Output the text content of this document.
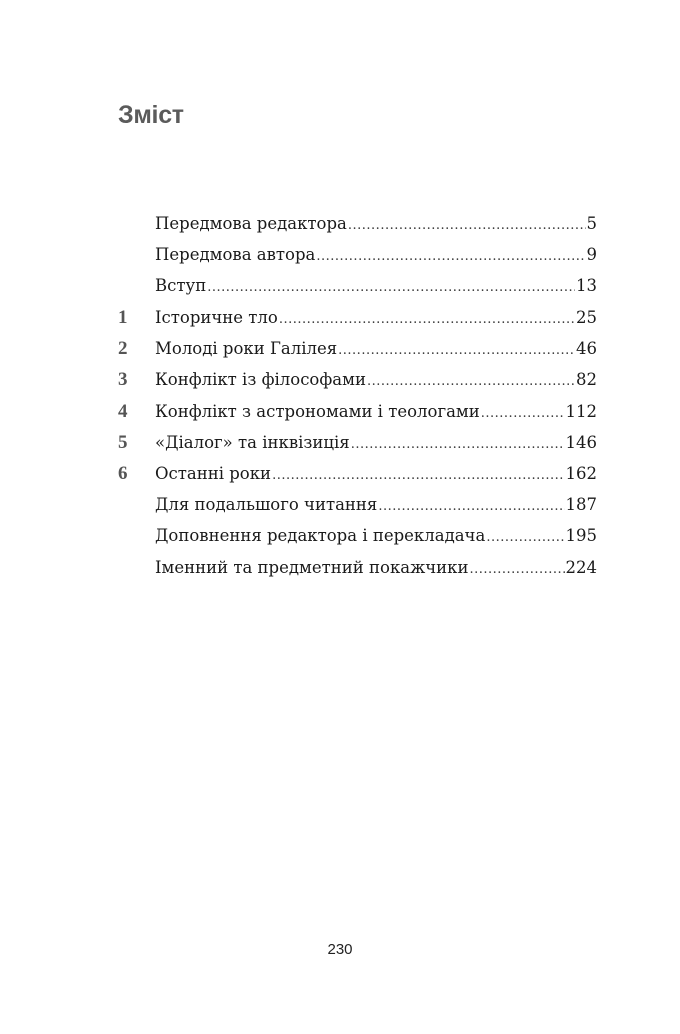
Зміст
Передмова редактора .....	5
Передмова автора .....	9
Вступ .....	13
1 Історичне тло .....	25
2 Молоді роки Галілея .....	46
3 Конфлікт із філософами .....	82
4 Конфлікт з астрономами і теологами .....	112
5 «Діалог» та інквізиція .....	146
6 Останні роки .....	162
Для подальшого читання .....	187
Доповнення редактора і перекладача .....	195
Іменний та предметний покажчики .....	224
230
